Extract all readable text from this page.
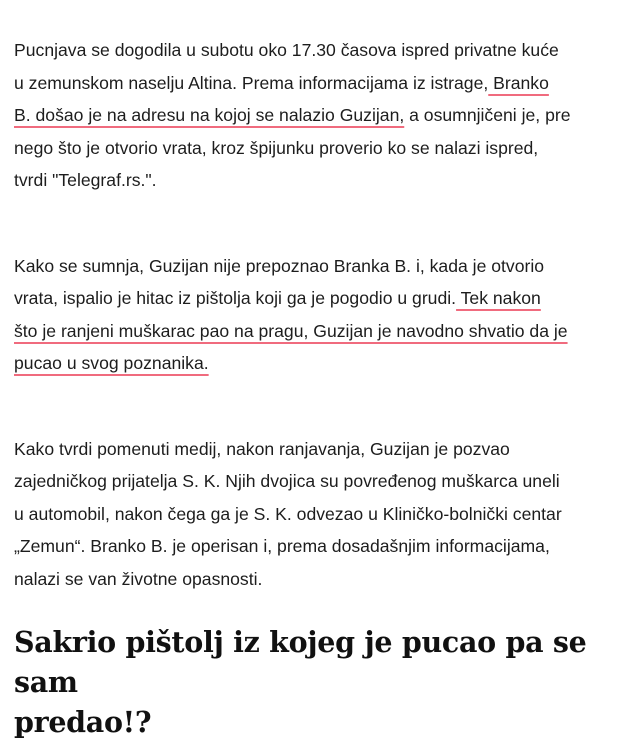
Pucnjava se dogodila u subotu oko 17.30 časova ispred privatne kuće
u zemunskom naselju Altina. Prema informacijama iz istrage, Branko
B. došao je na adresu na kojoj se nalazio Guzijan, a osumnjičeni je, pre
nego što je otvorio vrata, kroz špijunku proverio ko se nalazi ispred,
tvrdi "Telegraf.rs.".

Kako se sumnja, Guzijan nije prepoznao Branka B. i, kada je otvorio
vrata, ispalio je hitac iz pištolja koji ga je pogodio u grudi. Tek nakon
što je ranjeni muškarac pao na pragu, Guzijan je navodno shvatio da je
pucao u svog poznanika.

Kako tvrdi pomenuti medij, nakon ranjavanja, Guzijan je pozvao
zajedničkog prijatelja S. K. Njih dvojica su povređenog muškarca uneli
u automobil, nakon čega ga je S. K. odvezao u Kliničko-bolnički centar
„Zemun“. Branko B. je operisan i, prema dosadašnjim informacijama,
nalazi se van životne opasnosti.

Sakrio pištolj iz kojeg je pucao pa se sam
predao!?
